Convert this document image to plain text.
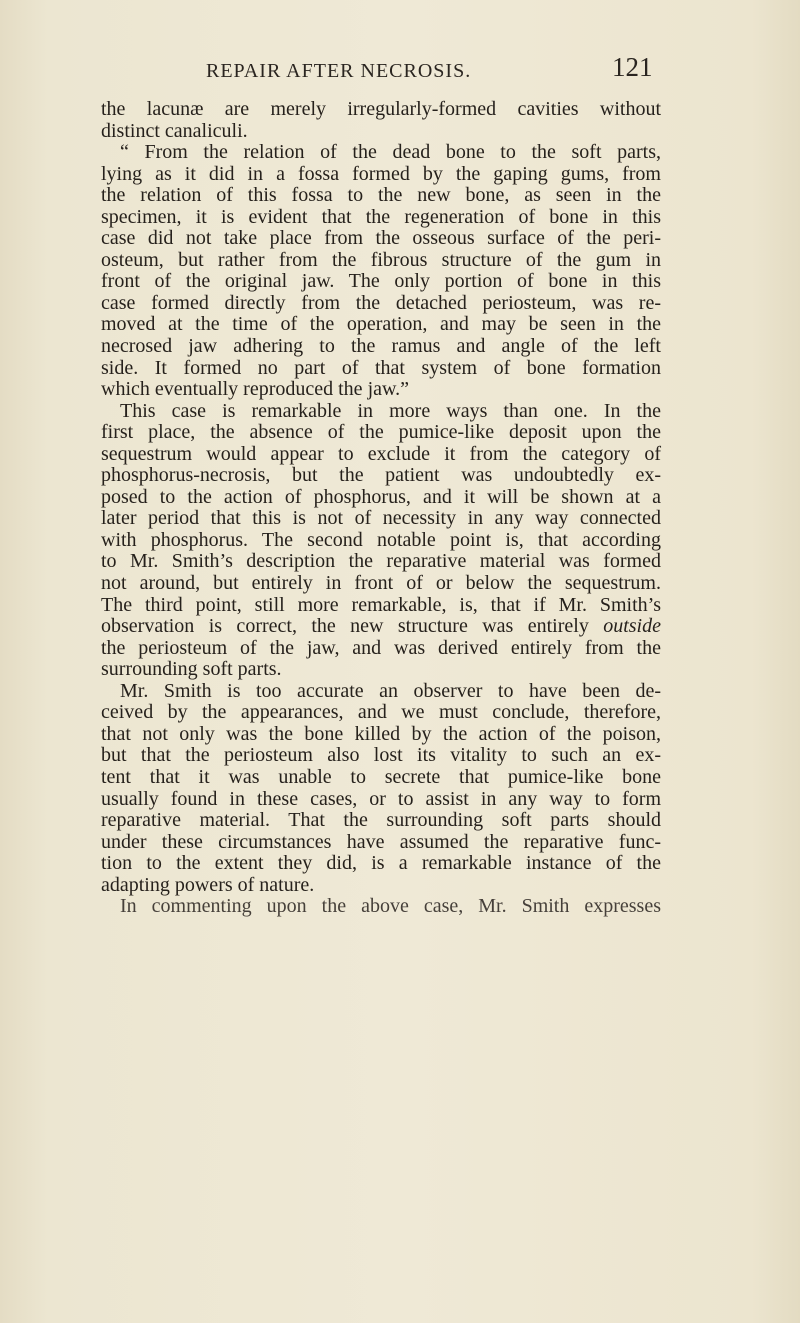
REPAIR AFTER NECROSIS.	121
the lacunæ are merely irregularly-formed cavities without
distinct canaliculi.
“ From the relation of the dead bone to the soft parts,
lying as it did in a fossa formed by the gaping gums, from
the relation of this fossa to the new bone, as seen in the
specimen, it is evident that the regeneration of bone in this
case did not take place from the osseous surface of the peri-
osteum, but rather from the fibrous structure of the gum in
front of the original jaw. The only portion of bone in this
case formed directly from the detached periosteum, was re-
moved at the time of the operation, and may be seen in the
necrosed jaw adhering to the ramus and angle of the left
side. It formed no part of that system of bone formation
which eventually reproduced the jaw.”
This case is remarkable in more ways than one. In the
first place, the absence of the pumice-like deposit upon the
sequestrum would appear to exclude it from the category of
phosphorus-necrosis, but the patient was undoubtedly ex-
posed to the action of phosphorus, and it will be shown at a
later period that this is not of necessity in any way connected
with phosphorus. The second notable point is, that according
to Mr. Smith’s description the reparative material was formed
not around, but entirely in front of or below the sequestrum.
The third point, still more remarkable, is, that if Mr. Smith’s
observation is correct, the new structure was entirely outside
the periosteum of the jaw, and was derived entirely from the
surrounding soft parts.
Mr. Smith is too accurate an observer to have been de-
ceived by the appearances, and we must conclude, therefore,
that not only was the bone killed by the action of the poison,
but that the periosteum also lost its vitality to such an ex-
tent that it was unable to secrete that pumice-like bone
usually found in these cases, or to assist in any way to form
reparative material. That the surrounding soft parts should
under these circumstances have assumed the reparative func-
tion to the extent they did, is a remarkable instance of the
adapting powers of nature.
In commenting upon the above case, Mr. Smith expresses
